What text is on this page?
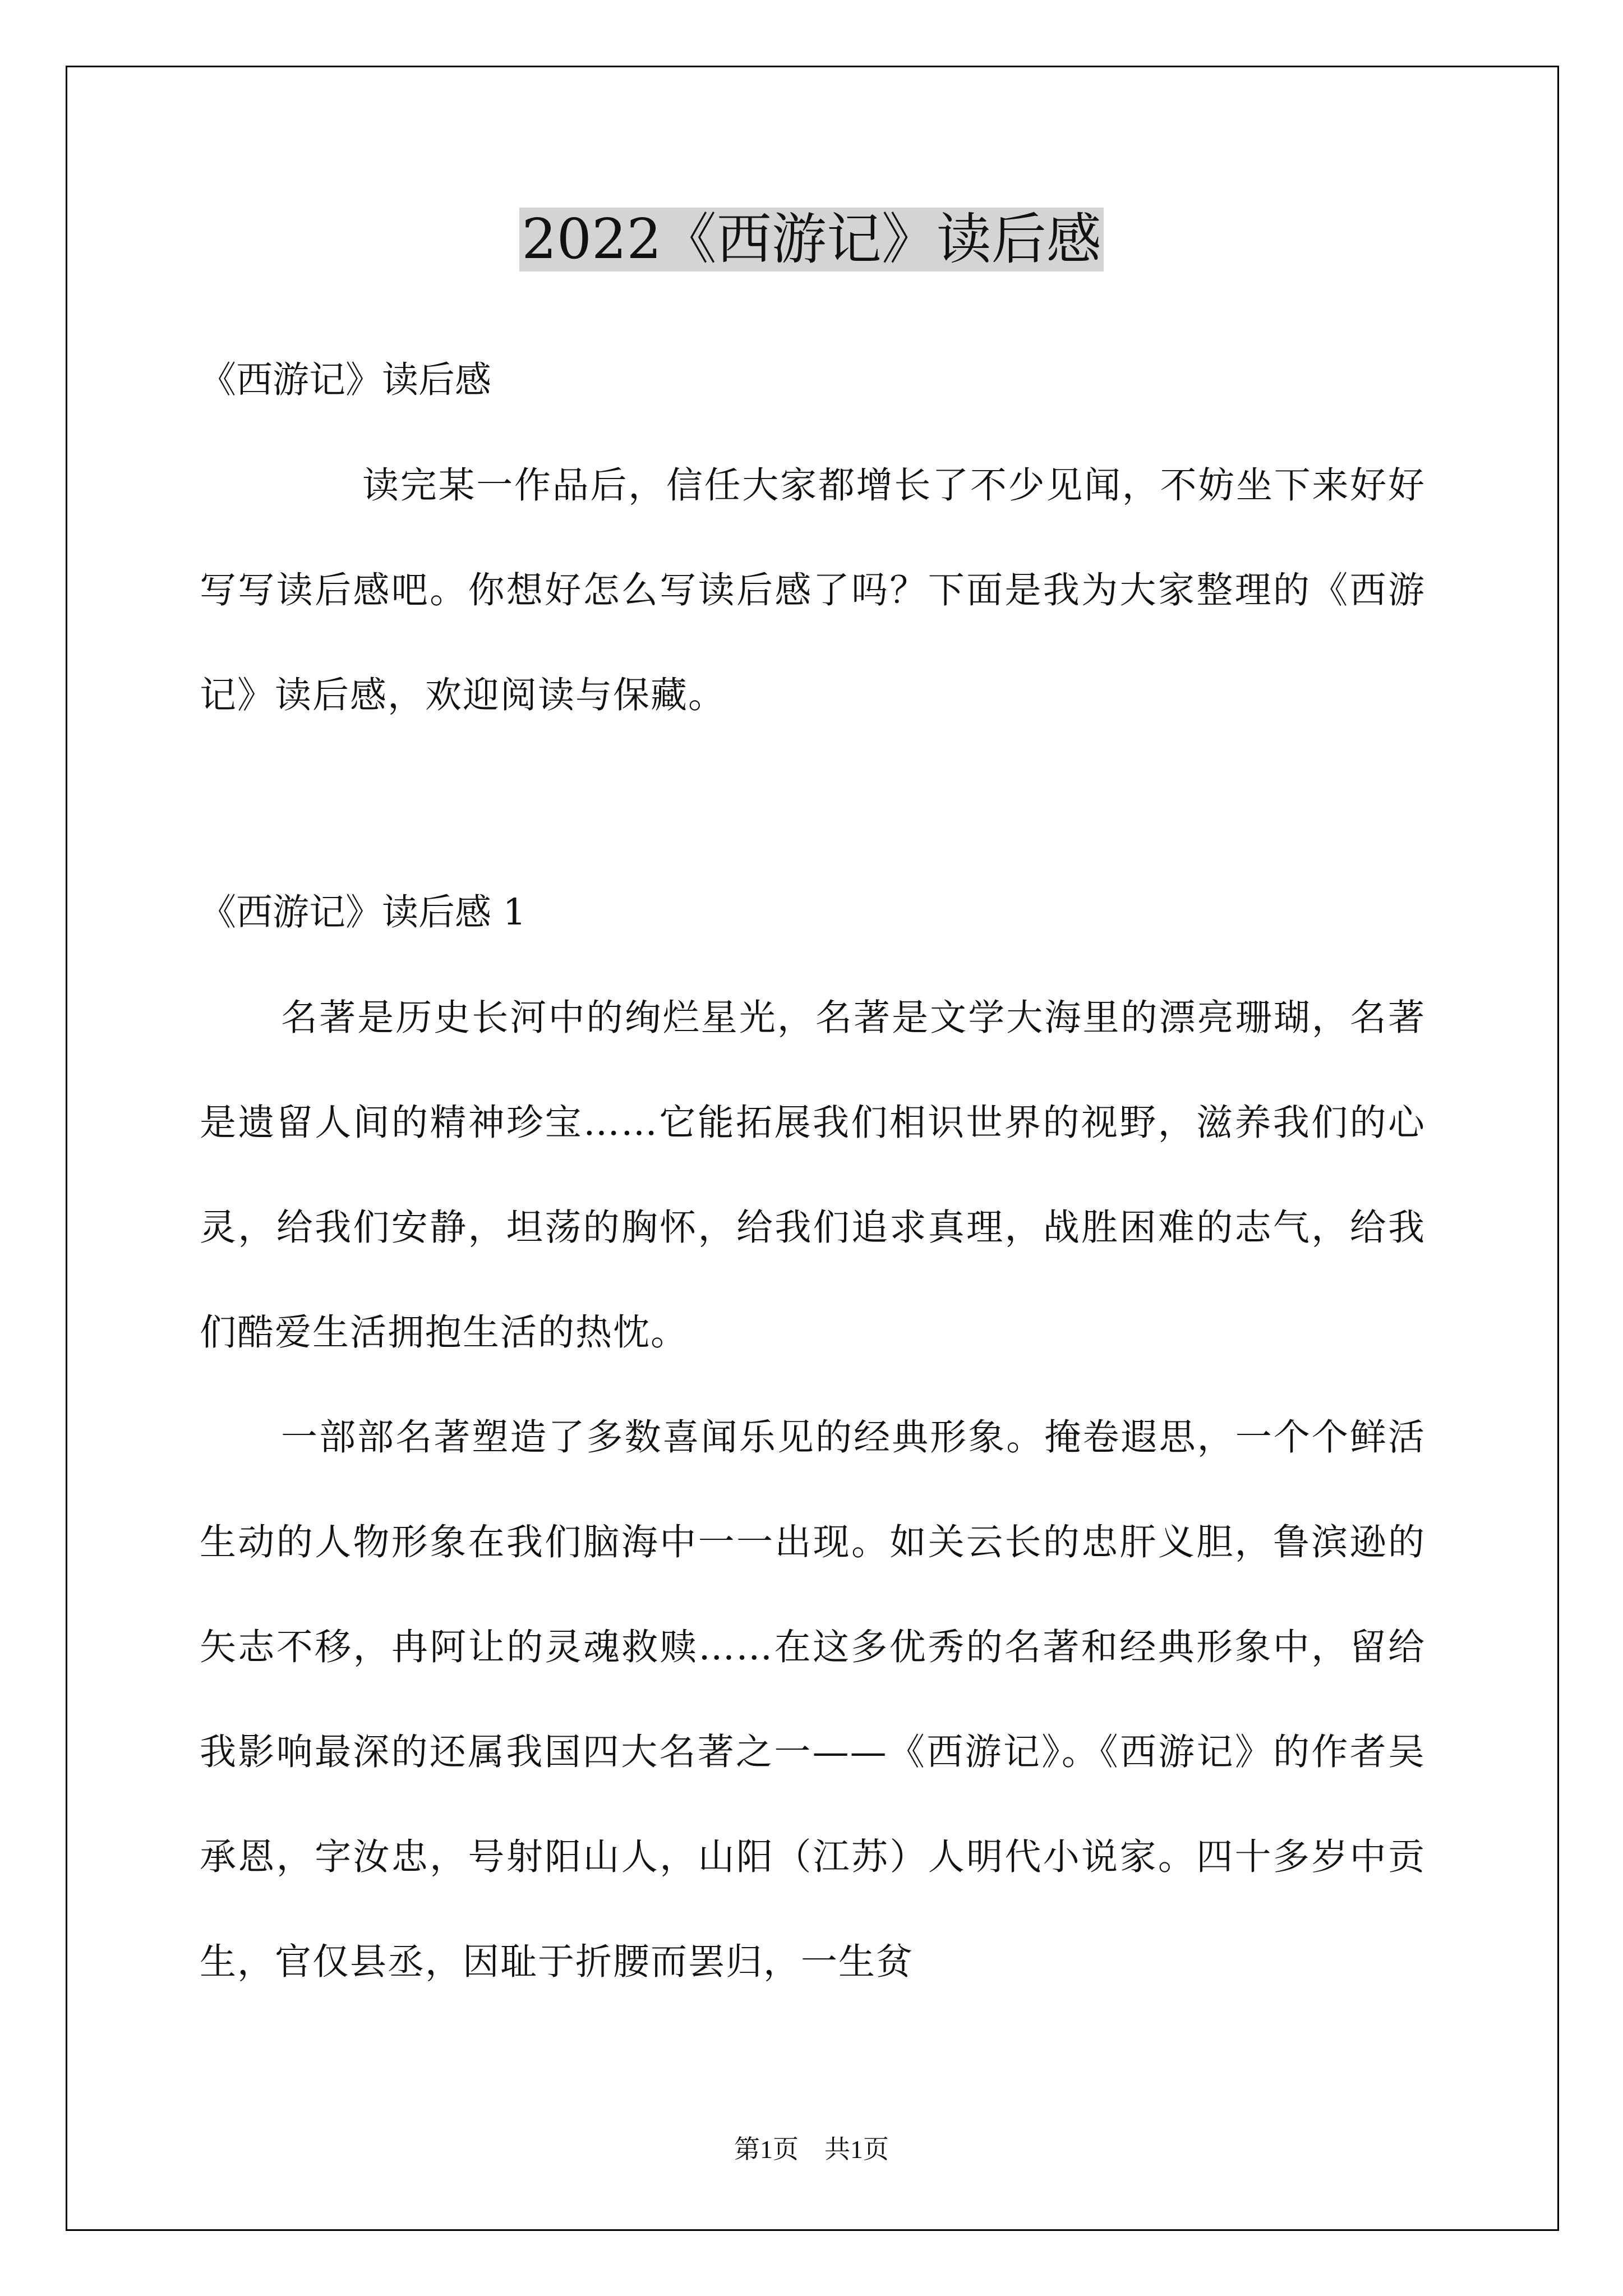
2022《西游记》读后感
《西游记》读后感

读完某一作品后，信任大家都增长了不少见闻，不妨坐下来好好写写读后感吧。你想好怎么写读后感了吗？下面是我为大家整理的《西游记》读后感，欢迎阅读与保藏。

《西游记》读后感 1

名著是历史长河中的绚烂星光，名著是文学大海里的漂亮珊瑚，名著是遗留人间的精神珍宝……它能拓展我们相识世界的视野，滋养我们的心灵，给我们安静，坦荡的胸怀，给我们追求真理，战胜困难的志气，给我们酷爱生活拥抱生活的热忱。

一部部名著塑造了多数喜闻乐见的经典形象。掩卷遐思，一个个鲜活生动的人物形象在我们脑海中一一出现。如关云长的忠肝义胆，鲁滨逊的矢志不移，冉阿让的灵魂救赎……在这多优秀的名著和经典形象中，留给我影响最深的还属我国四大名著之一——《西游记》。《西游记》的作者吴承恩，字汝忠，号射阳山人，山阳（江苏）人明代小说家。四十多岁中贡生，官仅县丞，因耻于折腰而罢归，一生贫

第1页　共1页
